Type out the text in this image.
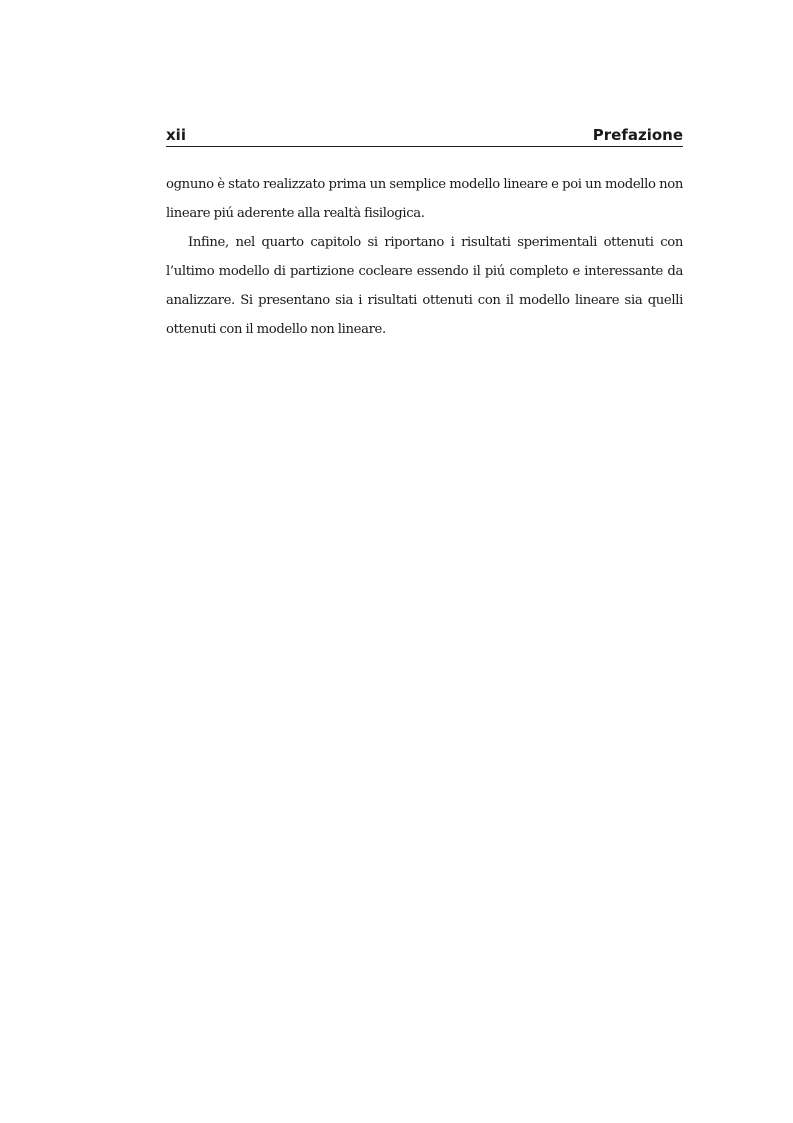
xii	Prefazione

ognuno è stato realizzato prima un semplice modello lineare e poi un modello non lineare piú aderente alla realtà fisilogica.

Infine, nel quarto capitolo si riportano i risultati sperimentali ottenuti con l’ultimo modello di partizione cocleare essendo il piú completo e interessante da analizzare. Si presentano sia i risultati ottenuti con il modello lineare sia quelli ottenuti con il modello non lineare.
